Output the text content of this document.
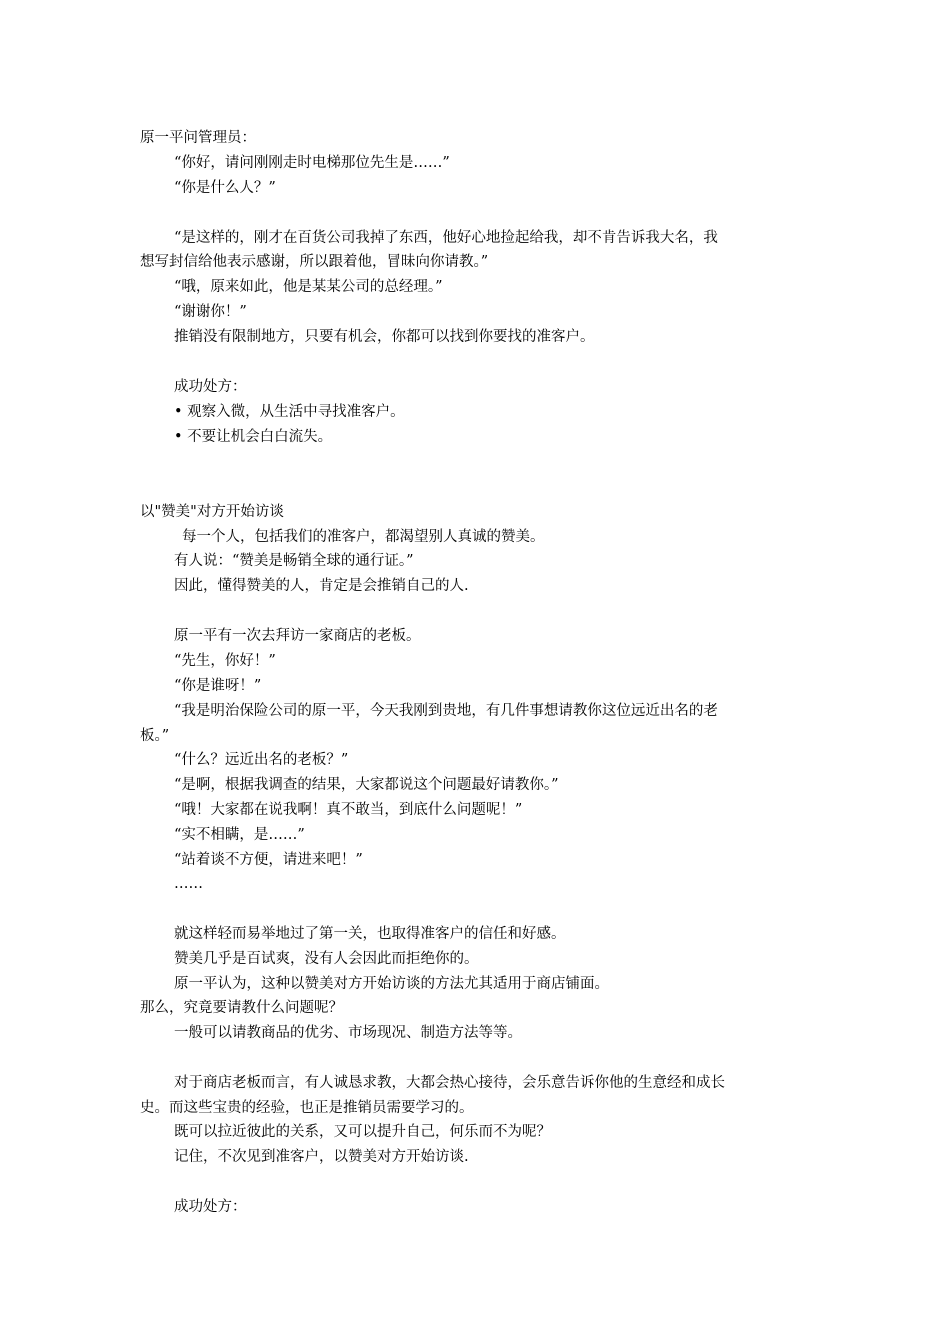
原一平问管理员：
“你好，请问刚刚走时电梯那位先生是……”
“你是什么人？”
“是这样的，刚才在百货公司我掉了东西，他好心地捡起给我，却不肯告诉我大名，我
想写封信给他表示感谢，所以跟着他，冒昧向你请教。”
“哦，原来如此，他是某某公司的总经理。”
“谢谢你！”
推销没有限制地方，只要有机会，你都可以找到你要找的准客户。
成功处方：
• 观察入微，从生活中寻找准客户。
• 不要让机会白白流失。
以"赞美"对方开始访谈
每一个人，包括我们的准客户，都渴望别人真诚的赞美。
有人说：“赞美是畅销全球的通行证。”
因此，懂得赞美的人，肯定是会推销自己的人.
原一平有一次去拜访一家商店的老板。
“先生，你好！”
“你是谁呀！”
“我是明治保险公司的原一平，今天我刚到贵地，有几件事想请教你这位远近出名的老
板。”
“什么？远近出名的老板？”
“是啊，根据我调查的结果，大家都说这个问题最好请教你。”
“哦！大家都在说我啊！真不敢当，到底什么问题呢！”
“实不相瞒，是……”
“站着谈不方便，请进来吧！”
……
就这样轻而易举地过了第一关，也取得准客户的信任和好感。
赞美几乎是百试爽，没有人会因此而拒绝你的。
原一平认为，这种以赞美对方开始访谈的方法尤其适用于商店铺面。
那么，究竟要请教什么问题呢？
一般可以请教商品的优劣、市场现况、制造方法等等。
对于商店老板而言，有人诚恳求教，大都会热心接待，会乐意告诉你他的生意经和成长
史。而这些宝贵的经验，也正是推销员需要学习的。
既可以拉近彼此的关系，又可以提升自己，何乐而不为呢？
记住，不次见到准客户，以赞美对方开始访谈.
成功处方：
